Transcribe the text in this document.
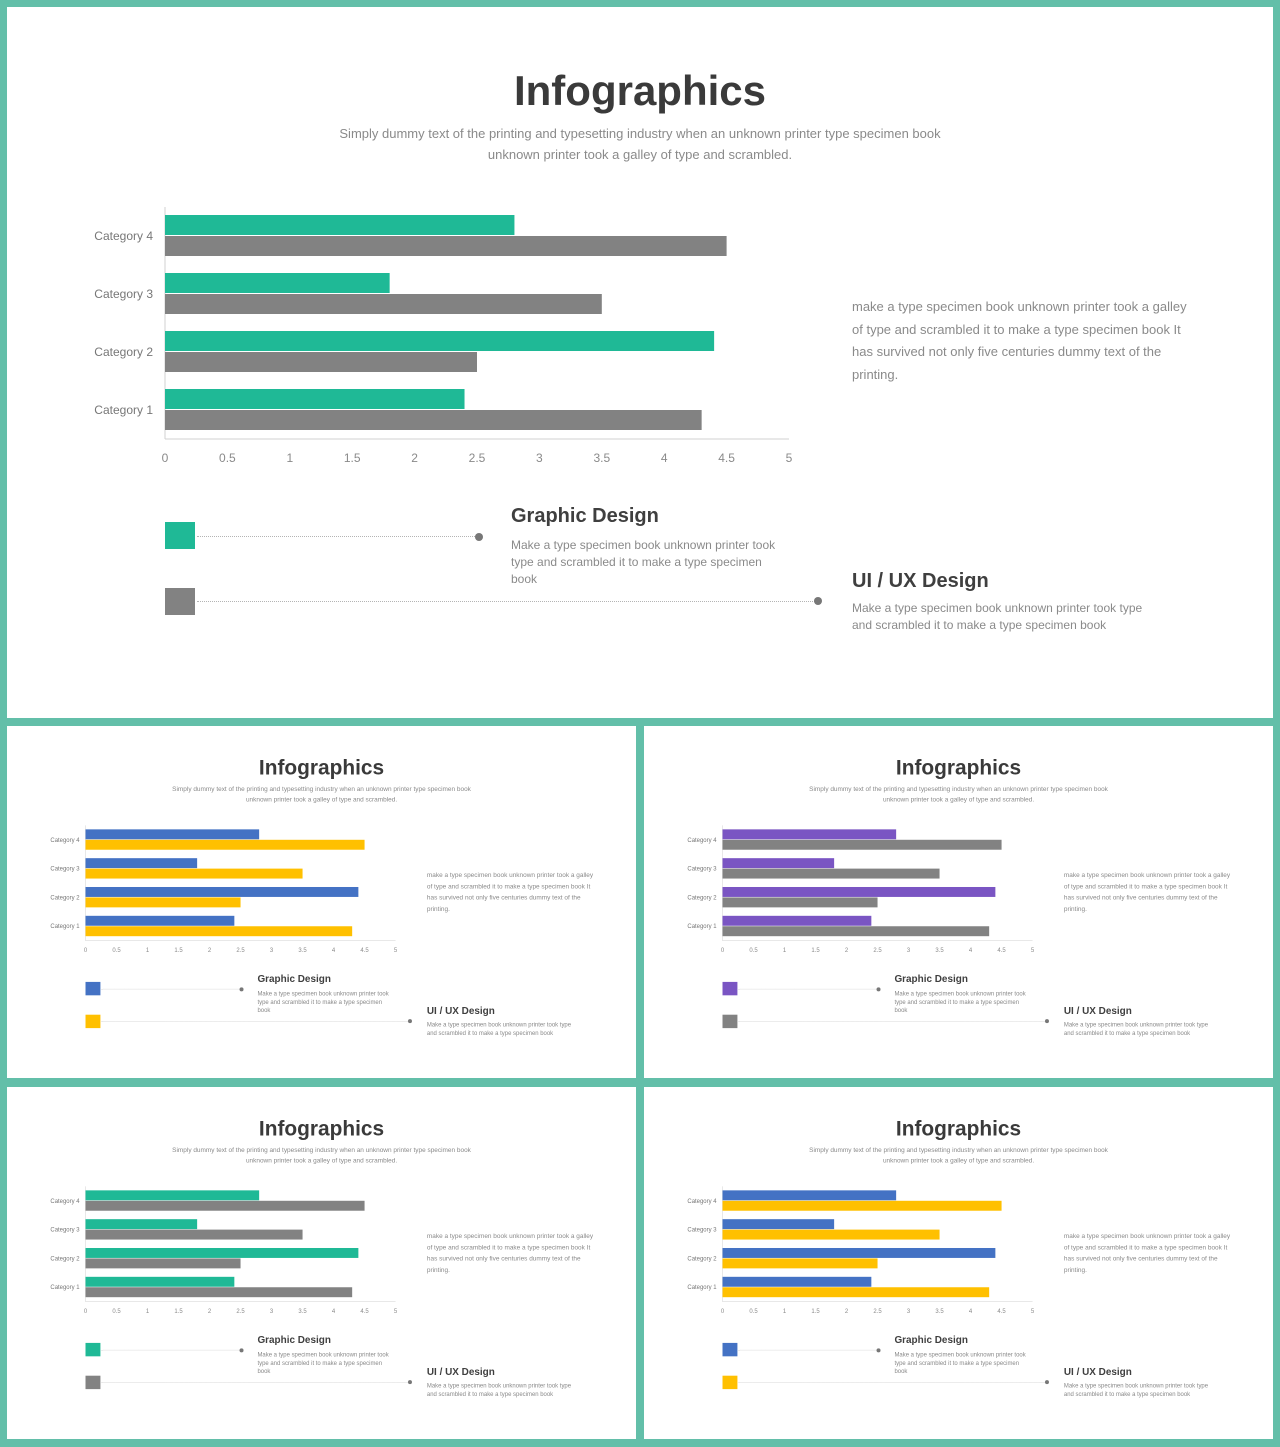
Infographics
Simply dummy text of the printing and typesetting industry when an unknown printer type specimen book unknown printer took a galley of type and scrambled.
Category 1
Category 2
Category 3
Category 4
0	0.5	1	1.5	2	2.5	3	3.5	4	4.5	5
make a type specimen book unknown printer took a galley of type and scrambled it to make a type specimen book It has survived not only five centuries dummy text of the printing.
Graphic Design
Make a type specimen book unknown printer took type and scrambled it to make a type specimen book	UI / UX Design
Make a type specimen book unknown printer took type and scrambled it to make a type specimen book
Infographics
Simply dummy text of the printing and typesetting industry when an unknown printer type specimen book unknown printer took a galley of type and scrambled.
Category 1
Category 2
Category 3
Category 4
0 0.5 1 1.5 2 2.5 3 3.5 4 4.5 5
make a type specimen book unknown printer took a galley of type and scrambled it to make a type specimen book It has survived not only five centuries dummy text of the printing.
Graphic Design
Make a type specimen book unknown printer took type and scrambled it to make a type specimen book	UI / UX Design
Make a type specimen book unknown printer took type and scrambled it to make a type specimen book
Infographics
Simply dummy text of the printing and typesetting industry when an unknown printer type specimen book unknown printer took a galley of type and scrambled.
Category 1
Category 2
Category 3
Category 4
0 0.5 1 1.5 2 2.5 3 3.5 4 4.5 5
make a type specimen book unknown printer took a galley of type and scrambled it to make a type specimen book It has survived not only five centuries dummy text of the printing.
Graphic Design
Make a type specimen book unknown printer took type and scrambled it to make a type specimen book	UI / UX Design
Make a type specimen book unknown printer took type and scrambled it to make a type specimen book
Infographics
Simply dummy text of the printing and typesetting industry when an unknown printer type specimen book unknown printer took a galley of type and scrambled.
Category 1
Category 2
Category 3
Category 4
0 0.5 1 1.5 2 2.5 3 3.5 4 4.5 5
make a type specimen book unknown printer took a galley of type and scrambled it to make a type specimen book It has survived not only five centuries dummy text of the printing.
Graphic Design
Make a type specimen book unknown printer took type and scrambled it to make a type specimen book	UI / UX Design
Make a type specimen book unknown printer took type and scrambled it to make a type specimen book
Infographics
Simply dummy text of the printing and typesetting industry when an unknown printer type specimen book unknown printer took a galley of type and scrambled.
Category 1
Category 2
Category 3
Category 4
0 0.5 1 1.5 2 2.5 3 3.5 4 4.5 5
make a type specimen book unknown printer took a galley of type and scrambled it to make a type specimen book It has survived not only five centuries dummy text of the printing.
Graphic Design
Make a type specimen book unknown printer took type and scrambled it to make a type specimen book	UI / UX Design
Make a type specimen book unknown printer took type and scrambled it to make a type specimen book
